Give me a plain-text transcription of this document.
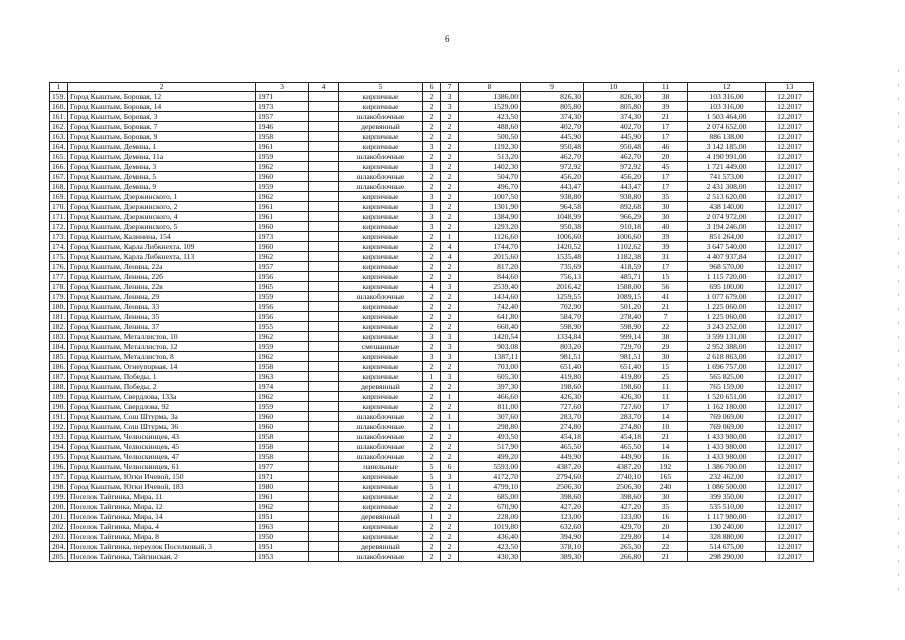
6
1	2	3	4	5	6	7	8	9	10	11	12	13
159.	Город Кыштым, Боровая, 12	1971		кирпичные	2	3	1386,00	826,30	826,30	38	103 316,00	12.2017
160.	Город Кыштым, Боровая, 14	1973		кирпичные	2	3	1529,00	805,80	805,80	39	103 316,00	12.2017
161.	Город Кыштым, Боровая, 3	1957		шлакоблочные	2	2	423,50	374,30	374,30	21	1 503 464,00	12.2017
162.	Город Кыштым, Боровая, 7	1946		деревянный	2	2	488,60	402,70	402,70	17	2 074 652,00	12.2017
163.	Город Кыштым, Боровая, 9	1958		кирпичные	2	2	500,50	445,90	445,90	17	886 138,00	12.2017
164.	Город Кыштым, Демина, 1	1961		кирпичные	3	2	1192,30	950,48	950,48	46	3 142 185,00	12.2017
165.	Город Кыштым, Демина, 11а	1959		шлакоблочные	2	2	513,20	462,70	462,70	20	4 190 991,00	12.2017
166.	Город Кыштым, Демина, 3	1962		кирпичные	3	2	1402,30	972,92	972,92	45	1 721 449,00	12.2017
167.	Город Кыштым, Демина, 5	1960		шлакоблочные	2	2	504,70	456,20	456,20	17	741 573,00	12.2017
168.	Город Кыштым, Демина, 9	1959		шлакоблочные	2	2	496,70	443,47	443,47	17	2 431 308,00	12.2017
169.	Город Кыштым, Дзержинского, 1	1962		кирпичные	3	2	1007,50	938,80	938,80	35	2 513 620,00	12.2017
170.	Город Кыштым, Дзержинского, 2	1961		кирпичные	3	2	1301,90	964,58	892,68	30	438 140,00	12.2017
171.	Город Кыштым, Дзержинского, 4	1961		кирпичные	3	2	1384,90	1048,99	966,29	30	2 074 972,00	12.2017
172.	Город Кыштым, Дзержинского, 5	1960		кирпичные	3	2	1293,20	950,38	910,18	40	3 194 246,00	12.2017
173.	Город Кыштым, Калинина, 154	1973		кирпичные	2	1	1126,60	1006,60	1006,60	39	851 264,00	12.2017
174.	Город Кыштым, Карла Либкнехта, 109	1960		кирпичные	2	4	1744,70	1420,52	1102,62	39	3 647 540,00	12.2017
175.	Город Кыштым, Карла Либкнехта, 113	1962		кирпичные	2	4	2015,60	1535,48	1182,38	31	4 407 937,84	12.2017
176.	Город Кыштым, Ленина, 22а	1957		кирпичные	2	2	817,20	735,69	418,59	17	968 570,00	12.2017
177.	Город Кыштым, Ленина, 22б	1956		кирпичные	2	2	844,60	756,13	485,71	15	1 115 720,00	12.2017
178.	Город Кыштым, Ленина, 22в	1965		кирпичные	4	3	2539,40	2016,42	1588,00	56	695 100,00	12.2017
179.	Город Кыштым, Ленина, 29	1959		шлакоблочные	2	2	1434,60	1259,55	1089,15	41	1 077 679,00	12.2017
180.	Город Кыштым, Ленина, 33	1956		кирпичные	2	2	742,40	702,90	501,20	21	1 225 060,00	12.2017
181.	Город Кыштым, Ленина, 35	1956		кирпичные	2	2	641,80	584,70	278,40	7	1 225 060,00	12.2017
182.	Город Кыштым, Ленина, 37	1955		кирпичные	2	2	660,40	598,90	598,90	22	3 243 252,00	12.2017
183.	Город Кыштым, Металлистов, 10	1962		кирпичные	3	3	1420,54	1334,84	999,14	38	3 599 131,00	12.2017
184.	Город Кыштым, Металлистов, 12	1959		смешанные	2	3	903,08	803,20	729,70	29	2 952 388,00	12.2017
185.	Город Кыштым, Металлистов, 8	1962		кирпичные	3	3	1387,11	981,51	981,51	30	2 618 863,00	12.2017
186.	Город Кыштым, Огнеупорная, 14	1958		кирпичные	2	2	703,00	651,40	651,40	15	1 696 757,00	12.2017
187.	Город Кыштым, Победы, 1	1963		кирпичные	1	3	605,30	419,80	419,80	25	565 825,00	12.2017
188.	Город Кыштым, Победы, 2	1974		деревянный	2	2	397,30	198,60	198,60	11	765 159,00	12.2017
189.	Город Кыштым, Свердлова, 133а	1962		кирпичные	2	1	466,60	426,30	426,30	11	1 520 651,00	12.2017
190.	Город Кыштым, Свердлова, 92	1959		кирпичные	2	2	811,00	727,60	727,60	17	1 162 180,00	12.2017
191.	Город Кыштым, Сош Штурма, 3а	1960		шлакоблочные	2	1	307,60	283,70	283,70	14	769 069,00	12.2017
192.	Город Кыштым, Сош Штурма, 36	1960		шлакоблочные	2	1	298,80	274,80	274,80	10	769 069,00	12.2017
193.	Город Кыштым, Челюскинцев, 43	1958		шлакоблочные	2	2	493,50	454,18	454,18	21	1 433 980,00	12.2017
194.	Город Кыштым, Челюскинцев, 45	1958		шлакоблочные	2	2	517,90	465,50	465,50	14	1 433 980,00	12.2017
195.	Город Кыштым, Челюскинцев, 47	1958		шлакоблочные	2	2	499,20	449,90	449,90	16	1 433 980,00	12.2017
196.	Город Кыштым, Челюскинцев, 61	1977		панельные	5	6	5593,00	4387,20	4387,20	192	1 386 700,00	12.2017
197.	Город Кыштым, Югки Ичевой, 150	1971		кирпичные	5	3	4172,70	2794,60	2740,10	165	232 462,00	12.2017
198.	Город Кыштым, Югки Ичевой, 183	1980		кирпичные	5	1	4799,10	2506,30	2506,30	240	1 086 500,00	12.2017
199.	Поселок Тайгинка, Мира, 11	1961		кирпичные	2	2	685,00	398,60	398,60	30	399 350,00	12.2017
200.	Поселок Тайгинка, Мира, 12	1962		кирпичные	2	2	670,90	427,20	427,20	35	535 510,00	12.2017
201.	Поселок Тайгинка, Мира, 14	1951		деревянный	1	2	228,00	123,00	123,00	16	1 117 980,00	12.2017
202.	Поселок Тайгинка, Мира, 4	1963		кирпичные	2	2	1019,80	632,60	429,70	20	130 240,00	12.2017
203.	Поселок Тайгинка, Мира, 8	1950		кирпичные	2	2	436,40	394,90	229,80	14	328 880,00	12.2017
204.	Поселок Тайгинка, переулок Поселковый, 3	1951		деревянный	2	2	423,50	378,10	265,30	22	514 675,00	12.2017
205.	Поселок Тайгинка, Тайгинская, 2	1953		шлакоблочные	2	2	430,30	389,30	266,80	21	298 290,00	12.2017
